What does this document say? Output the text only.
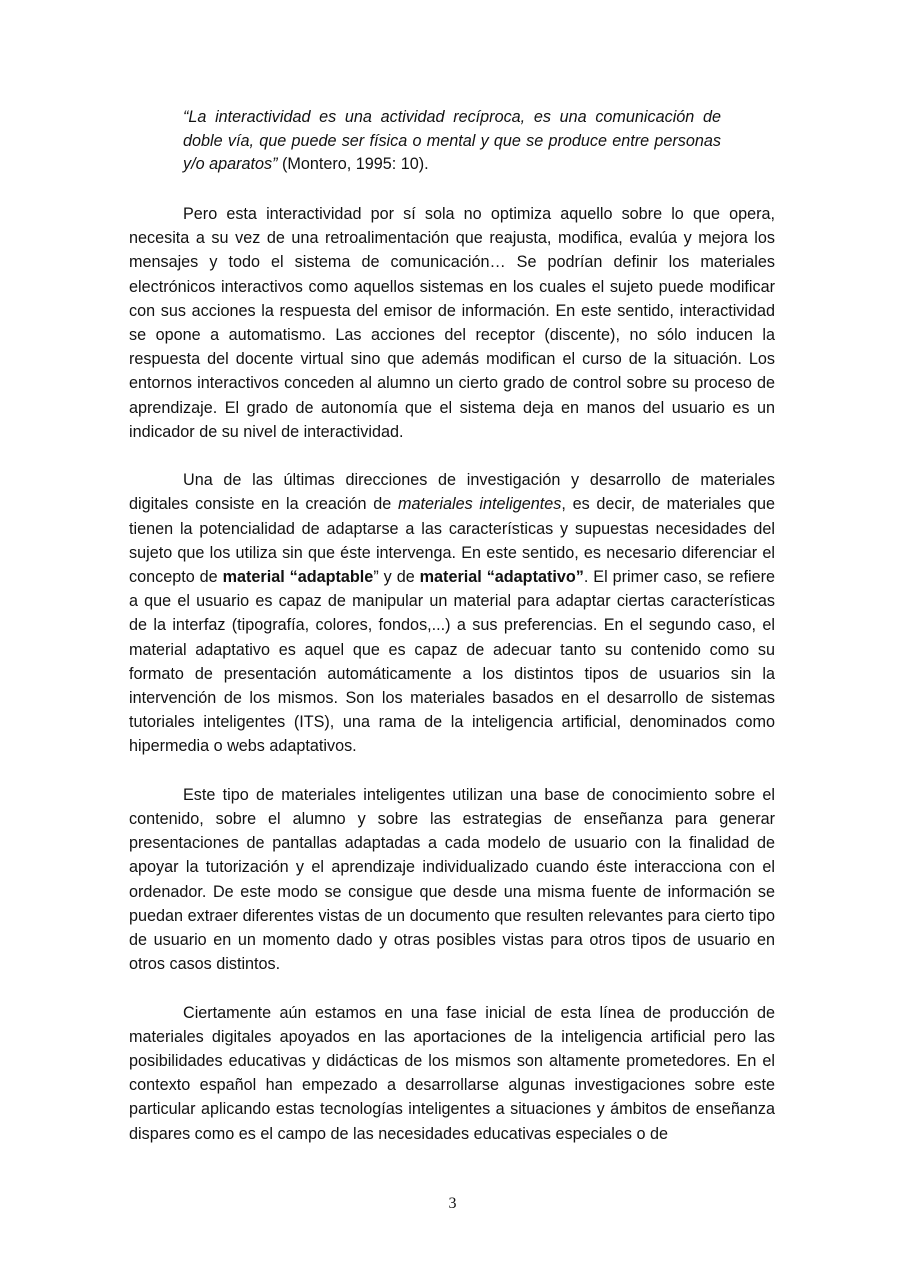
“La interactividad es una actividad recíproca, es una comunicación de doble vía, que puede ser física o mental y que se produce entre personas y/o aparatos” (Montero, 1995: 10).

Pero esta interactividad por sí sola no optimiza aquello sobre lo que opera, necesita a su vez de una retroalimentación que reajusta, modifica, evalúa y mejora los mensajes y todo el sistema de comunicación… Se podrían definir los materiales electrónicos interactivos como aquellos sistemas en los cuales el sujeto puede modificar con sus acciones la respuesta del emisor de información. En este sentido, interactividad se opone a automatismo. Las acciones del receptor (discente), no sólo inducen la respuesta del docente virtual sino que además modifican el curso de la situación. Los entornos interactivos conceden al alumno un cierto grado de control sobre su proceso de aprendizaje. El grado de autonomía que el sistema deja en manos del usuario es un indicador de su nivel de interactividad.

Una de las últimas direcciones de investigación y desarrollo de materiales digitales consiste en la creación de materiales inteligentes, es decir, de materiales que tienen la potencialidad de adaptarse a las características y supuestas necesidades del sujeto que los utiliza sin que éste intervenga. En este sentido, es necesario diferenciar el concepto de material “adaptable” y de material “adaptativo”. El primer caso, se refiere a que el usuario es capaz de manipular un material para adaptar ciertas características de la interfaz (tipografía, colores, fondos,...) a sus preferencias. En el segundo caso, el material adaptativo es aquel que es capaz de adecuar tanto su contenido como su formato de presentación automáticamente a los distintos tipos de usuarios sin la intervención de los mismos. Son los materiales basados en el desarrollo de sistemas tutoriales inteligentes (ITS), una rama de la inteligencia artificial, denominados como hipermedia o webs adaptativos.

Este tipo de materiales inteligentes utilizan una base de conocimiento sobre el contenido, sobre el alumno y sobre las estrategias de enseñanza para generar presentaciones de pantallas adaptadas a cada modelo de usuario con la finalidad de apoyar la tutorización y el aprendizaje individualizado cuando éste interacciona con el ordenador. De este modo se consigue que desde una misma fuente de información se puedan extraer diferentes vistas de un documento que resulten relevantes para cierto tipo de usuario en un momento dado y otras posibles vistas para otros tipos de usuario en otros casos distintos.

Ciertamente aún estamos en una fase inicial de esta línea de producción de materiales digitales apoyados en las aportaciones de la inteligencia artificial pero las posibilidades educativas y didácticas de los mismos son altamente prometedores. En el contexto español han empezado a desarrollarse algunas investigaciones sobre este particular aplicando estas tecnologías inteligentes a situaciones y ámbitos de enseñanza dispares como es el campo de las necesidades educativas especiales o de

3
